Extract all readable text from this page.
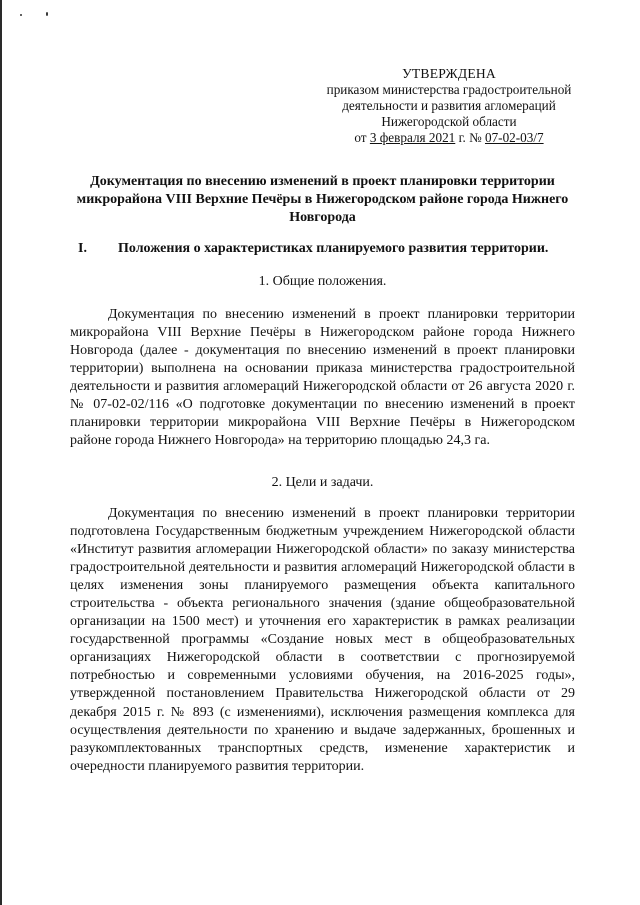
УТВЕРЖДЕНА
приказом министерства градостроительной
деятельности и развития агломераций
Нижегородской области
от 3 февраля 2021 г. № 07-02-03/7
Документация по внесению изменений в проект планировки территории микрорайона VIII Верхние Печёры в Нижегородском районе города Нижнего Новгорода
I. Положения о характеристиках планируемого развития территории.
1. Общие положения.

Документация по внесению изменений в проект планировки территории микрорайона VIII Верхние Печёры в Нижегородском районе города Нижнего Новгорода (далее - документация по внесению изменений в проект планировки территории) выполнена на основании приказа министерства градостроительной деятельности и развития агломераций Нижегородской области от 26 августа 2020 г. № 07-02-02/116 «О подготовке документации по внесению изменений в проект планировки территории микрорайона VIII Верхние Печёры в Нижегородском районе города Нижнего Новгорода» на территорию площадью 24,3 га.

2. Цели и задачи.

Документация по внесению изменений в проект планировки территории подготовлена Государственным бюджетным учреждением Нижегородской области «Институт развития агломерации Нижегородской области» по заказу министерства градостроительной деятельности и развития агломераций Нижегородской области в целях изменения зоны планируемого размещения объекта капитального строительства - объекта регионального значения (здание общеобразовательной организации на 1500 мест) и уточнения его характеристик в рамках реализации государственной программы «Создание новых мест в общеобразовательных организациях Нижегородской области в соответствии с прогнозируемой потребностью и современными условиями обучения, на 2016-2025 годы», утвержденной постановлением Правительства Нижегородской области от 29 декабря 2015 г. № 893 (с изменениями), исключения размещения комплекса для осуществления деятельности по хранению и выдаче задержанных, брошенных и разукомплектованных транспортных средств, изменение характеристик и очередности планируемого развития территории.
